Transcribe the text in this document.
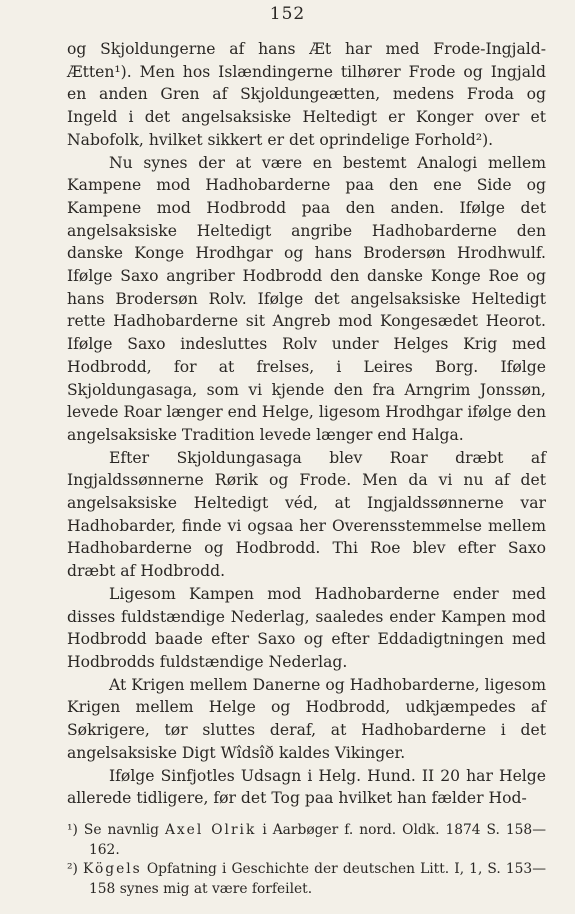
152

og Skjoldungerne af hans Æt har med Frode-Ingjald-Ætten¹). Men hos Islændingerne tilhører Frode og Ingjald en anden Gren af Skjoldungeætten, medens Froda og Ingeld i det angelsaksiske Heltedigt er Konger over et Nabofolk, hvilket sikkert er det oprindelige Forhold²).

Nu synes der at være en bestemt Analogi mellem Kampene mod Hadhobarderne paa den ene Side og Kampene mod Hodbrodd paa den anden. Ifølge det angelsaksiske Heltedigt angribe Hadhobarderne den danske Konge Hrodhgar og hans Brodersøn Hrodhwulf. Ifølge Saxo angriber Hodbrodd den danske Konge Roe og hans Brodersøn Rolv. Ifølge det angelsaksiske Heltedigt rette Hadhobarderne sit Angreb mod Kongesædet Heorot. Ifølge Saxo indesluttes Rolv under Helges Krig med Hodbrodd, for at frelses, i Leires Borg. Ifølge Skjoldungasaga, som vi kjende den fra Arngrim Jonssøn, levede Roar længer end Helge, ligesom Hrodhgar ifølge den angelsaksiske Tradition levede længer end Halga.

Efter Skjoldungasaga blev Roar dræbt af Ingjaldssønnerne Rørik og Frode. Men da vi nu af det angelsaksiske Heltedigt véd, at Ingjaldssønnerne var Hadhobarder, finde vi ogsaa her Overensstemmelse mellem Hadhobarderne og Hodbrodd. Thi Roe blev efter Saxo dræbt af Hodbrodd.

Ligesom Kampen mod Hadhobarderne ender med disses fuldstændige Nederlag, saaledes ender Kampen mod Hodbrodd baade efter Saxo og efter Eddadigtningen med Hodbrodds fuldstændige Nederlag.

At Krigen mellem Danerne og Hadhobarderne, ligesom Krigen mellem Helge og Hodbrodd, udkjæmpedes af Søkrigere, tør sluttes deraf, at Hadhobarderne i det angelsaksiske Digt Wîdsîð kaldes Vikinger.

Ifølge Sinfjotles Udsagn i Helg. Hund. II 20 har Helge allerede tidligere, før det Tog paa hvilket han fælder Hod-

¹) Se navnlig Axel Olrik i Aarbøger f. nord. Oldk. 1874 S. 158—162.

²) Kögels Opfatning i Geschichte der deutschen Litt. I, 1, S. 153—158 synes mig at være forfeilet.
